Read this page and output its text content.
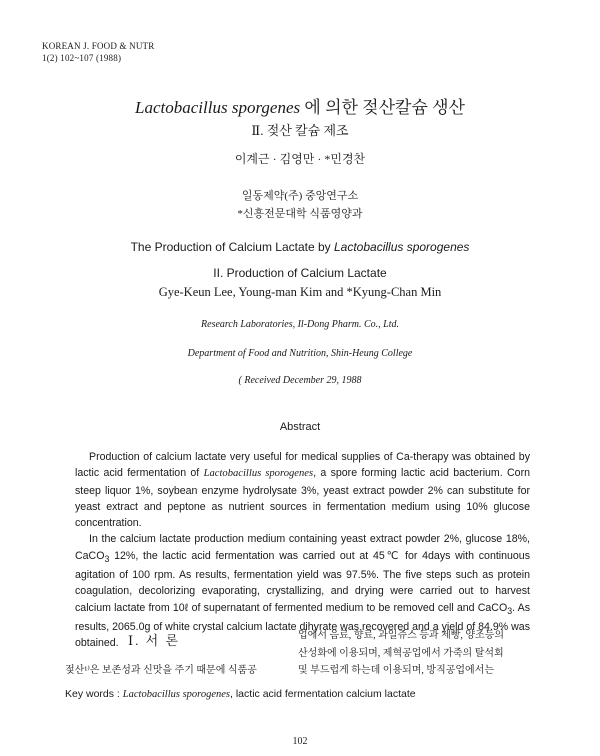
KOREAN J. FOOD & NUTR
1(2) 102~107 (1988)
Lactobacillus sporgenes 에 의한 젖산칼슘 생산
Ⅱ. 젖산 칼슘 제조
이계근 · 김영만 · *민경찬
일동제약(주) 중앙연구소
*신흥전문대학 식품영양과
The Production of Calcium Lactate by Lactobacillus sporogenes
II. Production of Calcium Lactate
Gye-Keun Lee, Young-man Kim and *Kyung-Chan Min
Research Laboratories, Il-Dong Pharm. Co., Ltd.
Department of Food and Nutrition, Shin-Heung College
( Received December 29, 1988
Abstract

Production of calcium lactate very useful for medical supplies of Ca-therapy was obtained by lactic acid fermentation of Lactobacillus sporogenes, a spore forming lactic acid bacterium. Corn steep liquor 1%, soybean enzyme hydrolysate 3%, yeast extract powder 2% can substitute for yeast extract and peptone as nutrient sources in fermentation medium using 10% glucose concentration.

In the calcium lactate production medium containing yeast extract powder 2%, glucose 18%, CaCO$_3$ 12%, the lactic acid fermentation was carried out at 45℃ for 4days with continuous agitation of 100 rpm. As results, fermentation yield was 97.5%. The five steps such as protein coagulation, decolorizing evaporating, crystallizing, and drying were carried out to harvest calcium lactate from 10ℓ of supernatant of fermented medium to be removed cell and CaCO$_3$. As results, 2065.0g of white crystal calcium lactate dihyrate was recovered and a yield of 84.9% was obtained. Ⅰ. 서 론
젖산¹⁾은 보존성과 신맛을 주기 때문에 식품공
업에서 음료, 향료, 과일쥬스 등과 제빵, 양조등의
산성화에 이용되며, 제혁공업에서 가죽의 탈석회
및 부드럽게 하는데 이용되며, 방직공업에서는
Key words : Lactobacillus sporogenes, lactic acid fermentation calcium lactate
102
